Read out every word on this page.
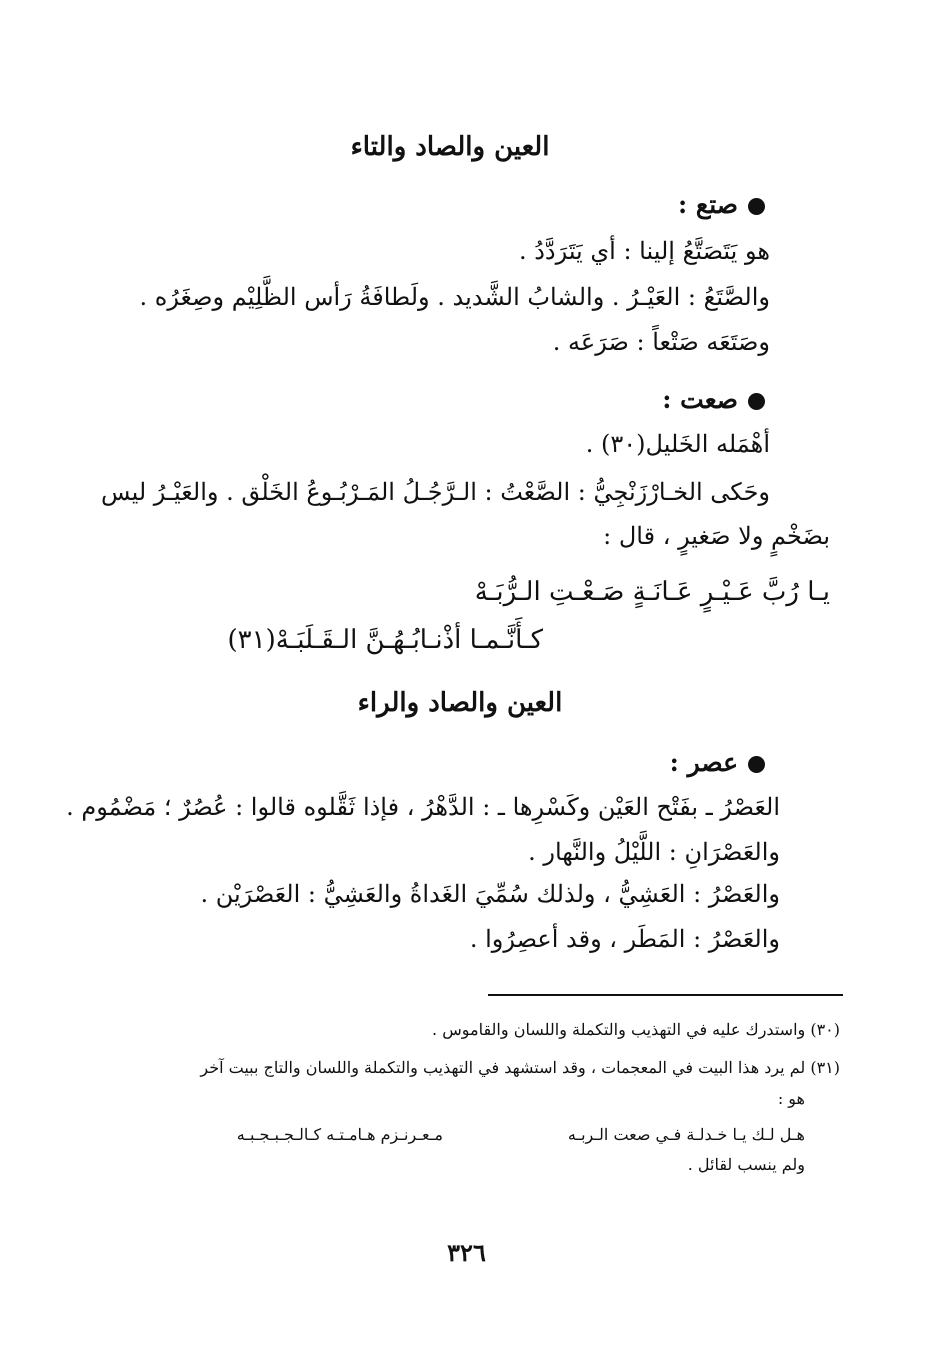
العين والصاد والتاء
صتع :
هو يَتَصَتَّعُ إلينا : أي يَتَرَدَّدُ .
والصَّتَعُ : العَيْـرُ . والشابُ الشَّديد . ولَطافَةُ رَأس الظَّلِيْم وصِغَرُه .
وصَتَعَه صَتْعاً : صَرَعَه .
صعت :
أهْمَله الخَليل(٣٠) .
وحَكى الخـارْزَنْجِيُّ : الصَّعْتُ : الـرَّجُـلُ المَـرْبُـوعُ الخَلْق . والعَيْـرُ ليس
بضَخْمٍ ولا صَغيرٍ ، قال :
يـا رُبَّ عَـيْـرٍ عَـانَـةٍ صَـعْـتِ الـرُّبَـهْ
كـأَنَّـمـا أذْنـابُـهُـنَّ الـقَـلَبَـهْ(٣١)
العين والصاد والراء
عصر :
العَصْرُ ـ بفَتْح العَيْن وكَسْرِها ـ : الدَّهْرُ ، فإذا ثَقَّلوه قالوا : عُصُرٌ ؛ مَضْمُوم .
والعَصْرَانِ : اللَّيْلُ والنَّهار .
والعَصْرُ : العَشِيُّ ، ولذلك سُمِّيَ الغَداةُ والعَشِيُّ : العَصْرَيْن .
والعَصْرُ : المَطَر ، وقد أعصِرُوا .
(٣٠) واستدرك عليه في التهذيب والتكملة واللسان والقاموس .
(٣١) لم يرد هذا البيت في المعجمات ، وقد استشهد في التهذيب والتكملة واللسان والتاج ببيت آخر
هو :
هـل لـك يـا خـدلـة فـي صعت الـربـه
مـعـرنـزم هـامـتـه كـالـجـبـجـبـه
ولم ينسب لقائل .
٣٢٦
